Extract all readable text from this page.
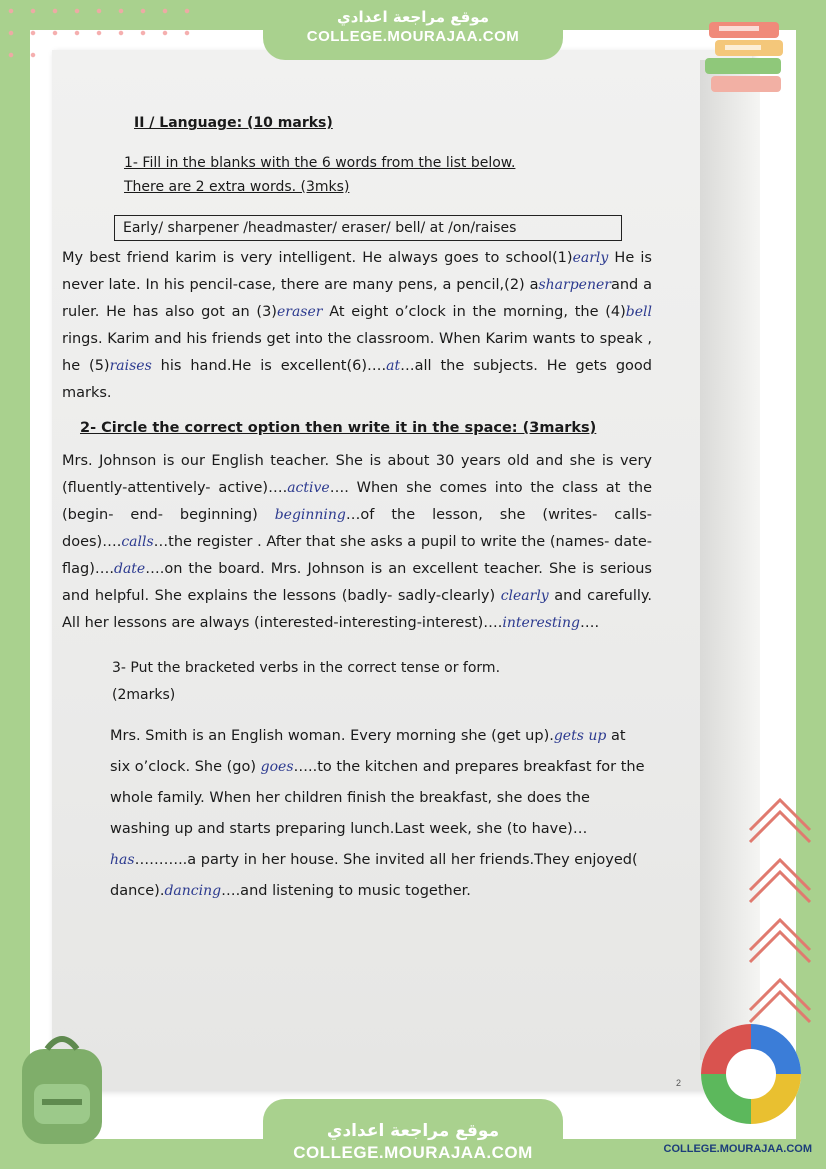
موقع مراجعة اعدادي
COLLEGE.MOURAJAA.COM
II / Language: (10 marks)
1- Fill in the blanks with the 6 words from the list below.
There are 2 extra words. (3mks)
Early/ sharpener /headmaster/ eraser/ bell/ at /on/raises
My best friend karim is very intelligent. He always goes to school(1)early He is never late. In his pencil-case, there are many pens, a pencil,(2) asharpenerand a ruler. He has also got an (3)eraser At eight o’clock in the morning, the (4)bell rings. Karim and his friends get into the classroom. When Karim wants to speak , he (5)raises his hand.He is excellent(6)….at…all the subjects. He gets good marks.
2- Circle the correct option then write it in the space: (3marks)
Mrs. Johnson is our English teacher. She is about 30 years old and she is very (fluently-attentively- active)….active…. When she comes into the class at the (begin- end- beginning) beginning…of the lesson, she (writes- calls-does)….calls…the register . After that she asks a pupil to write the (names- date-flag)….date….on the board. Mrs. Johnson is an excellent teacher. She is serious and helpful. She explains the lessons (badly- sadly-clearly) clearly and carefully. All her lessons are always (interested-interesting-interest)….interesting….
3- Put the bracketed verbs in the correct tense or form.
(2marks)
Mrs. Smith is an English woman. Every morning she (get up).gets up at six o’clock. She (go) goes…..to the kitchen and prepares breakfast for the whole family. When her children finish the breakfast, she does the washing up and starts preparing lunch.Last week, she (to have)…has………..a party in her house. She invited all her friends.They enjoyed( dance).dancing….and listening to music together.
2
COLLEGE.MOURAJAA.COM
موقع مراجعة اعدادي
COLLEGE.MOURAJAA.COM
